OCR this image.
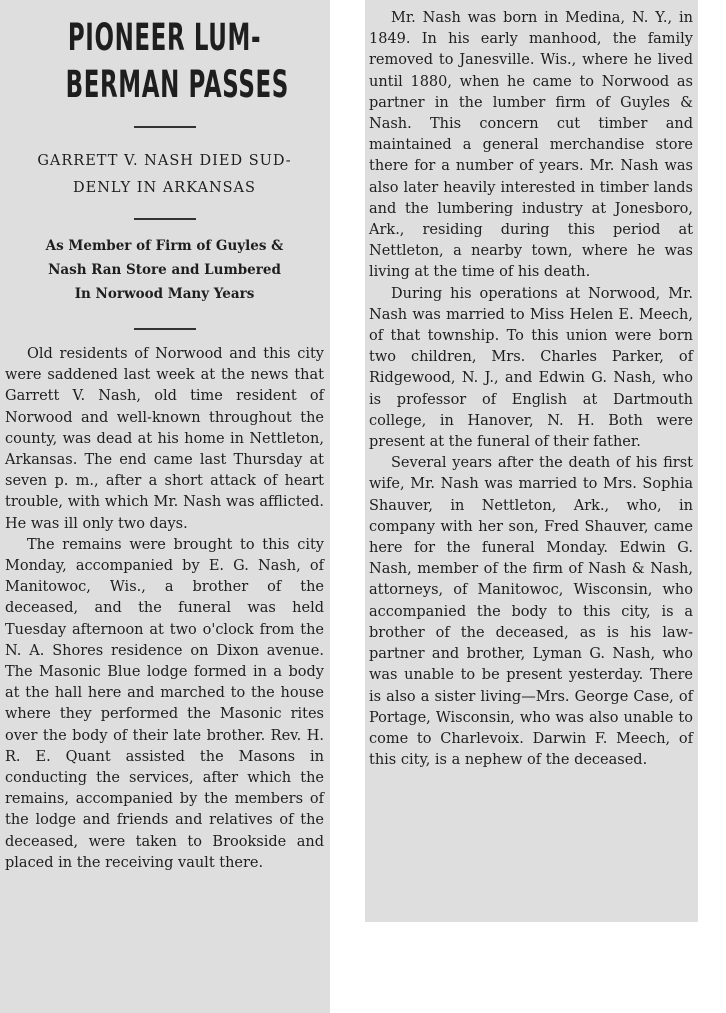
PIONEER LUM-
BERMAN PASSES
GARRETT V. NASH DIED SUD-
DENLY IN ARKANSAS
As Member of Firm of Guyles &
Nash Ran Store and Lumbered
In Norwood Many Years

Old residents of Norwood and this city were saddened last week at the news that Garrett V. Nash, old time resident of Norwood and well-known throughout the county, was dead at his home in Nettleton, Arkansas. The end came last Thursday at seven p. m., after a short attack of heart trouble, with which Mr. Nash was afflicted. He was ill only two days.

The remains were brought to this city Monday, accompanied by E. G. Nash, of Manitowoc, Wis., a brother of the deceased, and the funeral was held Tuesday afternoon at two o'clock from the N. A. Shores residence on Dixon avenue. The Masonic Blue lodge formed in a body at the hall here and marched to the house where they performed the Masonic rites over the body of their late brother. Rev. H. R. E. Quant assisted the Masons in conducting the services, after which the remains, accompanied by the members of the lodge and friends and relatives of the deceased, were taken to Brookside and placed in the receiving vault there.

Mr. Nash was born in Medina, N. Y., in 1849. In his early manhood, the family removed to Janesville. Wis., where he lived until 1880, when he came to Norwood as partner in the lumber firm of Guyles & Nash. This concern cut timber and maintained a general merchandise store there for a number of years. Mr. Nash was also later heavily interested in timber lands and the lumbering industry at Jonesboro, Ark., residing during this period at Nettleton, a nearby town, where he was living at the time of his death.

During his operations at Norwood, Mr. Nash was married to Miss Helen E. Meech, of that township. To this union were born two children, Mrs. Charles Parker, of Ridgewood, N. J., and Edwin G. Nash, who is professor of English at Dartmouth college, in Hanover, N. H. Both were present at the funeral of their father.

Several years after the death of his first wife, Mr. Nash was married to Mrs. Sophia Shauver, in Nettleton, Ark., who, in company with her son, Fred Shauver, came here for the funeral Monday. Edwin G. Nash, member of the firm of Nash & Nash, attorneys, of Manitowoc, Wisconsin, who accompanied the body to this city, is a brother of the deceased, as is his law-partner and brother, Lyman G. Nash, who was unable to be present yesterday. There is also a sister living—Mrs. George Case, of Portage, Wisconsin, who was also unable to come to Charlevoix. Darwin F. Meech, of this city, is a nephew of the deceased.
